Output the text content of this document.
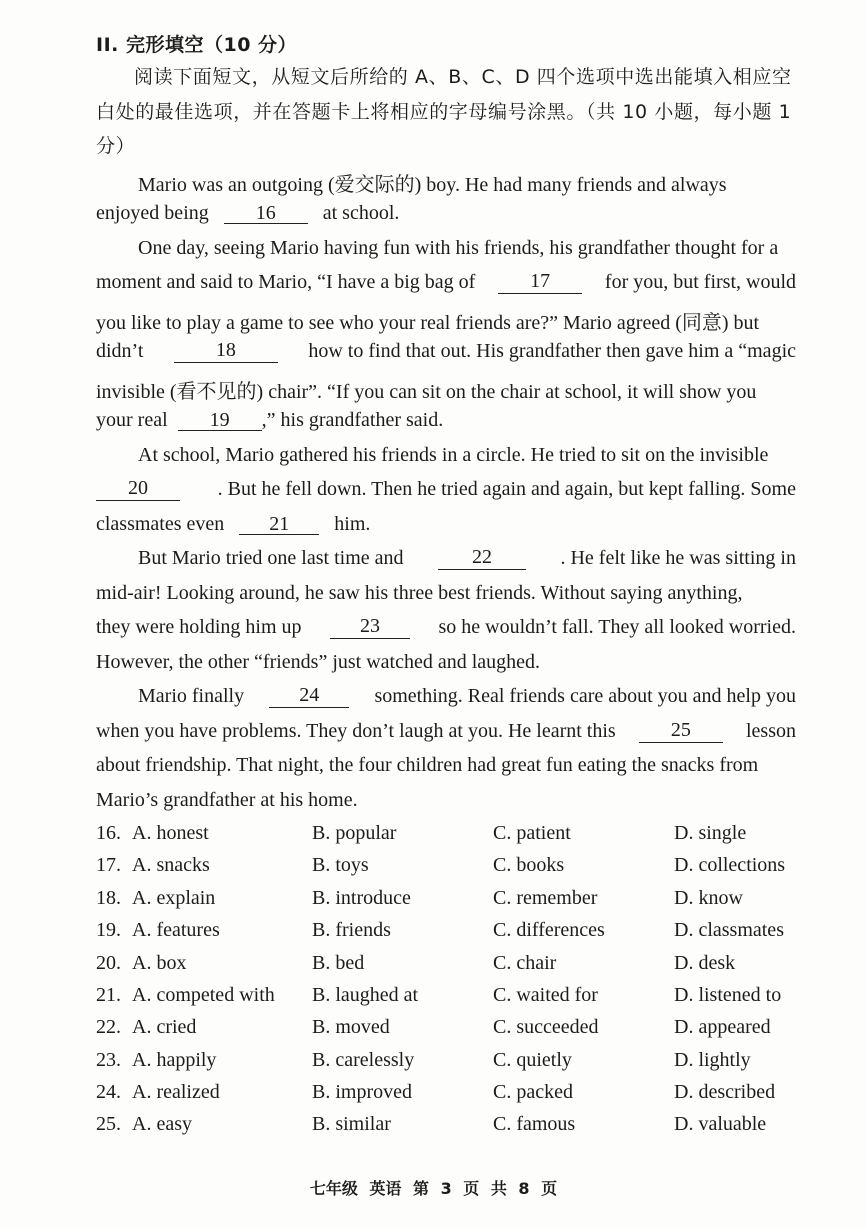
II. 完形填空（10 分）
阅读下面短文，从短文后所给的 A、B、C、D 四个选项中选出能填入相应空白处的最佳选项，并在答题卡上将相应的字母编号涂黑。（共 10 小题，每小题 1 分）
Mario was an outgoing (爱交际的) boy. He had many friends and always
enjoyed being 16 at school.
One day, seeing Mario having fun with his friends, his grandfather thought for a
moment and said to Mario, “I have a big bag of	17	for you, but first, would
you like to play a game to see who your real friends are?” Mario agreed (同意) but
didn’t	18	how to find that out. His grandfather then gave him a “magic
invisible (看不见的) chair”. “If you can sit on the chair at school, it will show you
your real 19 ,” his grandfather said.
At school, Mario gathered his friends in a circle. He tried to sit on the invisible
20	. But he fell down. Then he tried again and again, but kept falling. Some
classmates even 21 him.
But Mario tried one last time and	22	. He felt like he was sitting in
mid-air! Looking around, he saw his three best friends. Without saying anything,
they were holding him up	23	so he wouldn’t fall. They all looked worried.
However, the other “friends” just watched and laughed.
Mario finally	24	something. Real friends care about you and help you
when you have problems. They don’t laugh at you. He learnt this	25	lesson
about friendship. That night, the four children had great fun eating the snacks from
Mario’s grandfather at his home.
16. A. honest	B. popular	C. patient	D. single
17. A. snacks	B. toys	C. books	D. collections
18. A. explain	B. introduce	C. remember	D. know
19. A. features	B. friends	C. differences	D. classmates
20. A. box	B. bed	C. chair	D. desk
21. A. competed with B. laughed at	C. waited for	D. listened to
22. A. cried	B. moved	C. succeeded	D. appeared
23. A. happily	B. carelessly	C. quietly	D. lightly
24. A. realized	B. improved	C. packed	D. described
25. A. easy	B. similar	C. famous	D. valuable
七年级 英语 第 3 页 共 8 页
